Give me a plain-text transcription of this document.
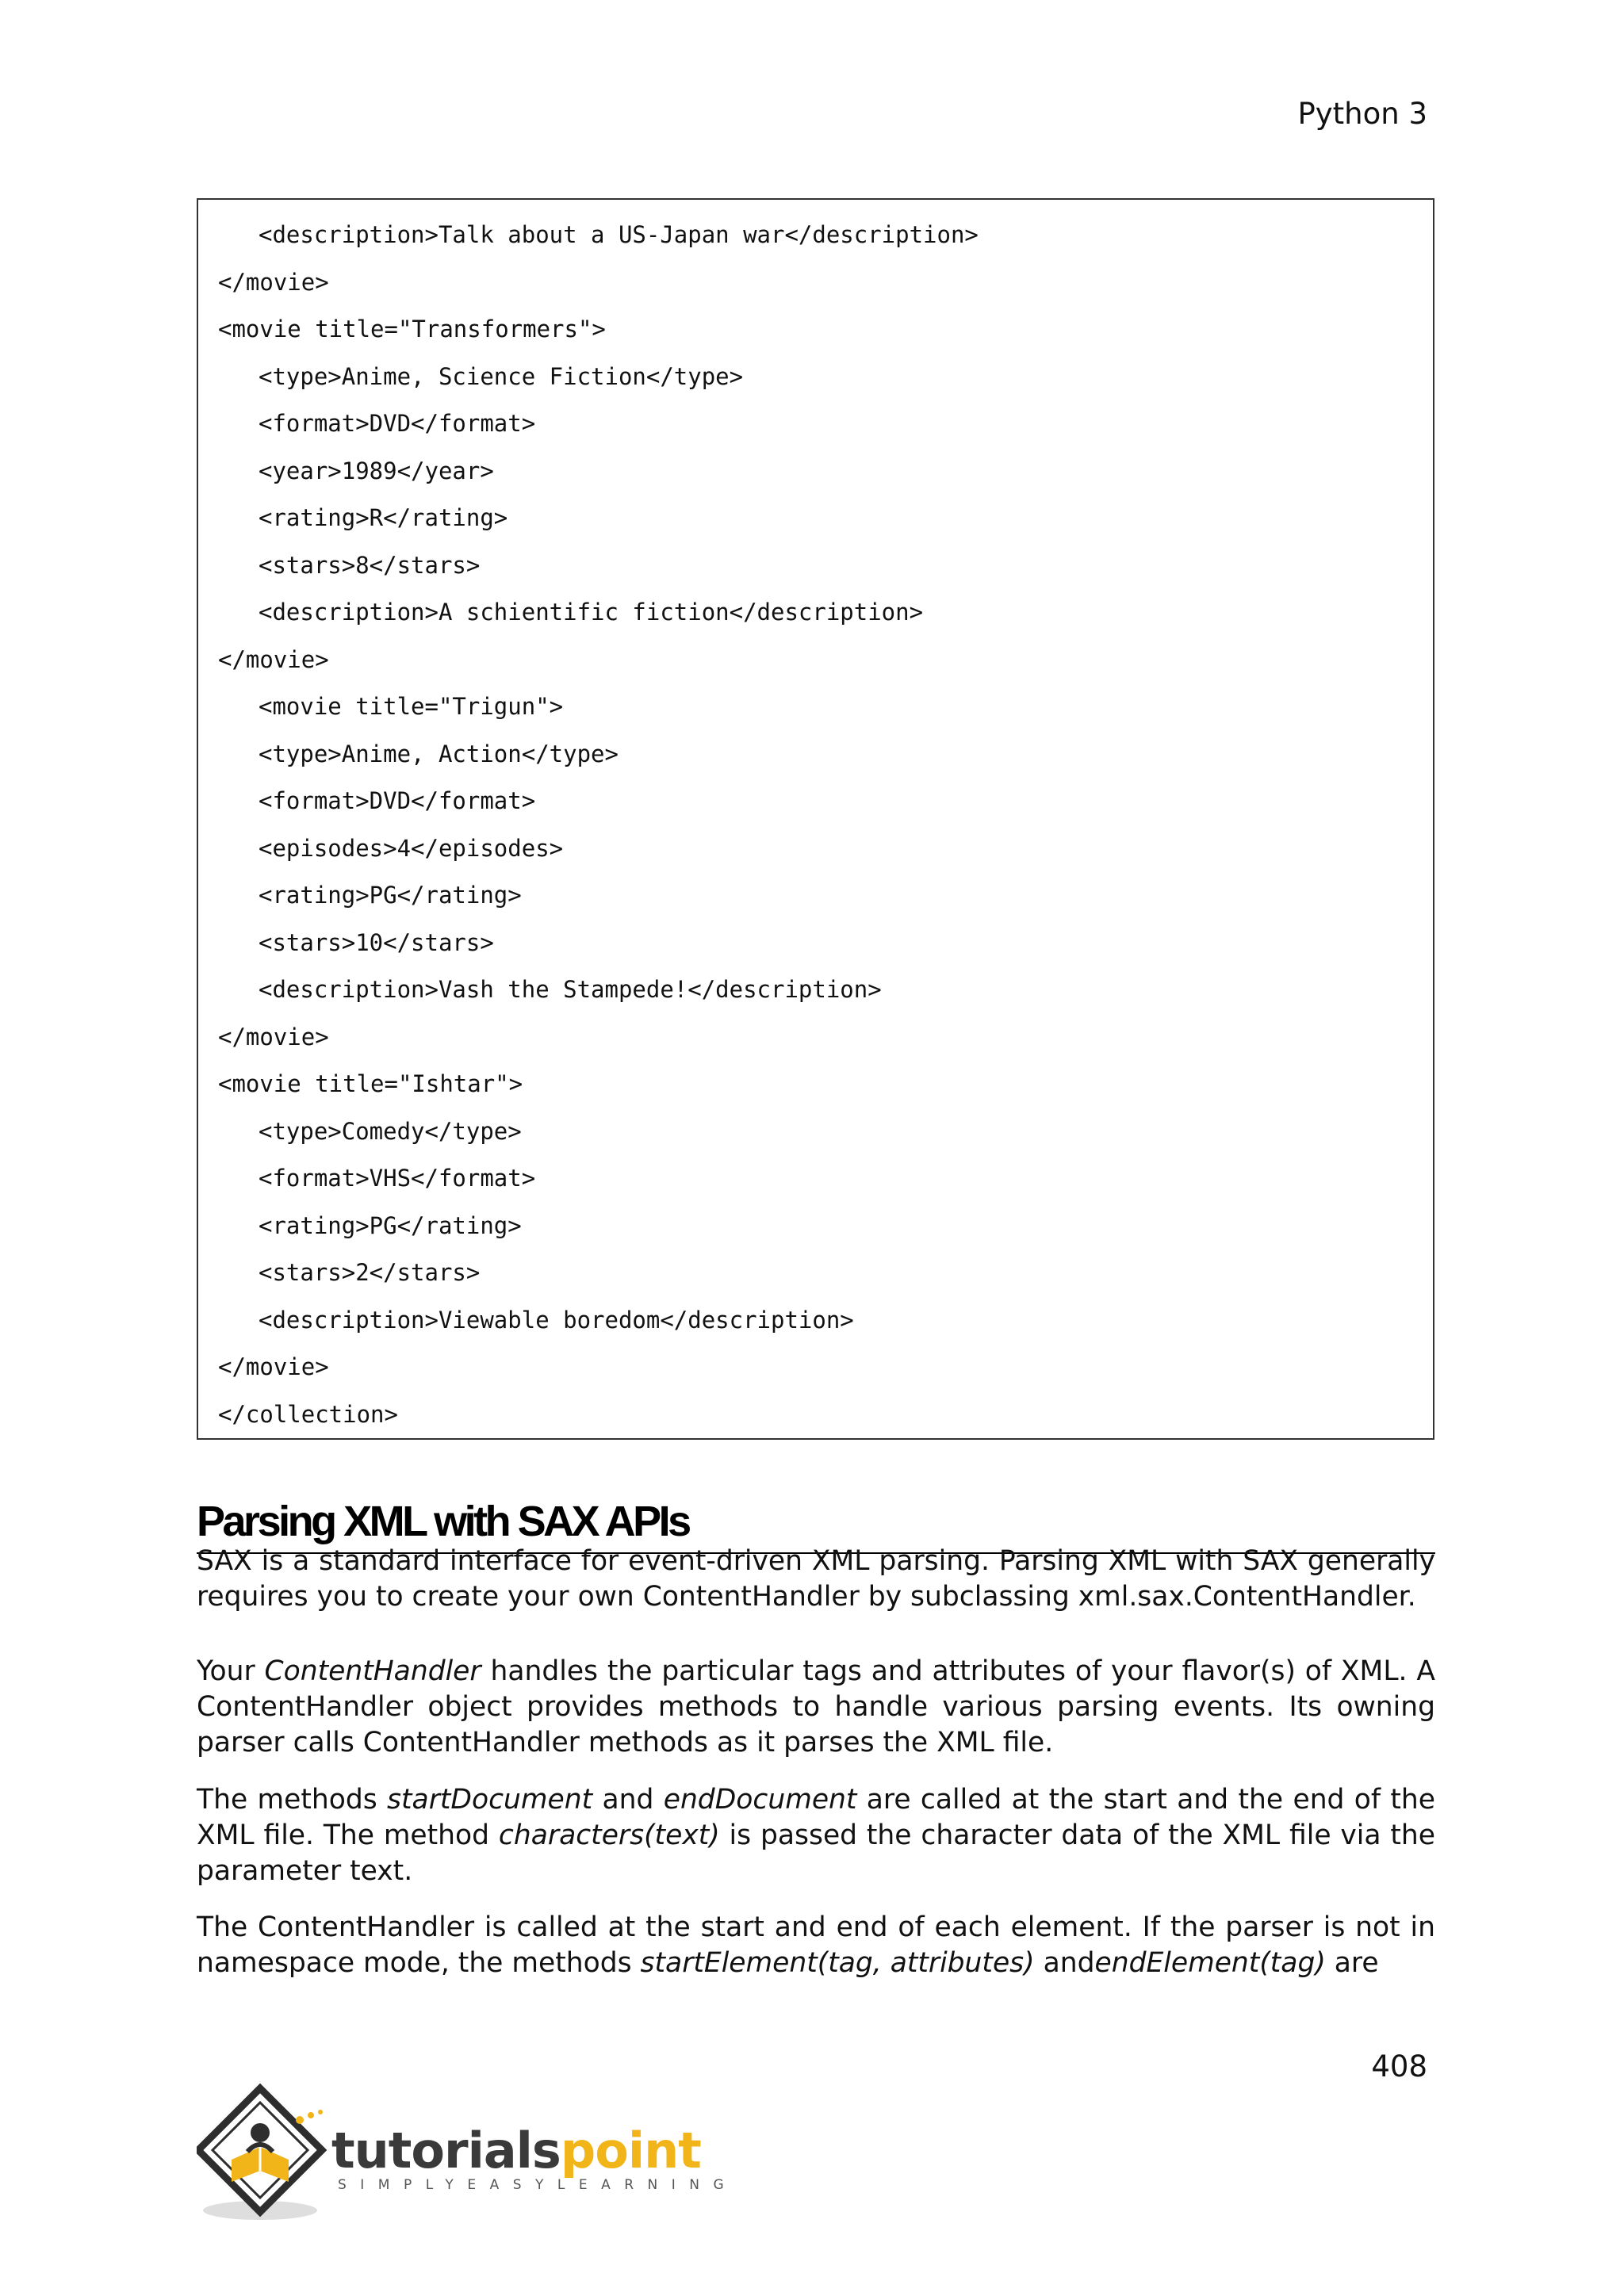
Python 3
<description>Talk about a US-Japan war</description>
</movie>
<movie title="Transformers">
<type>Anime, Science Fiction</type>
<format>DVD</format>
<year>1989</year>
<rating>R</rating>
<stars>8</stars>
<description>A schientific fiction</description>
</movie>
<movie title="Trigun">
<type>Anime, Action</type>
<format>DVD</format>
<episodes>4</episodes>
<rating>PG</rating>
<stars>10</stars>
<description>Vash the Stampede!</description>
</movie>
<movie title="Ishtar">
<type>Comedy</type>
<format>VHS</format>
<rating>PG</rating>
<stars>2</stars>
<description>Viewable boredom</description>
</movie>
</collection>
Parsing XML with SAX APIs

SAX is a standard interface for event-driven XML parsing. Parsing XML with SAX generally requires you to create your own ContentHandler by subclassing xml.sax.ContentHandler.

Your ContentHandler handles the particular tags and attributes of your flavor(s) of XML. A ContentHandler object provides methods to handle various parsing events. Its owning parser calls ContentHandler methods as it parses the XML file.

The methods startDocument and endDocument are called at the start and the end of the XML file. The method characters(text) is passed the character data of the XML file via the parameter text.

The ContentHandler is called at the start and end of each element. If the parser is not in namespace mode, the methods startElement(tag, attributes) andendElement(tag) are

408
tutorialspoint
SIMPLYEASYLEARNING
